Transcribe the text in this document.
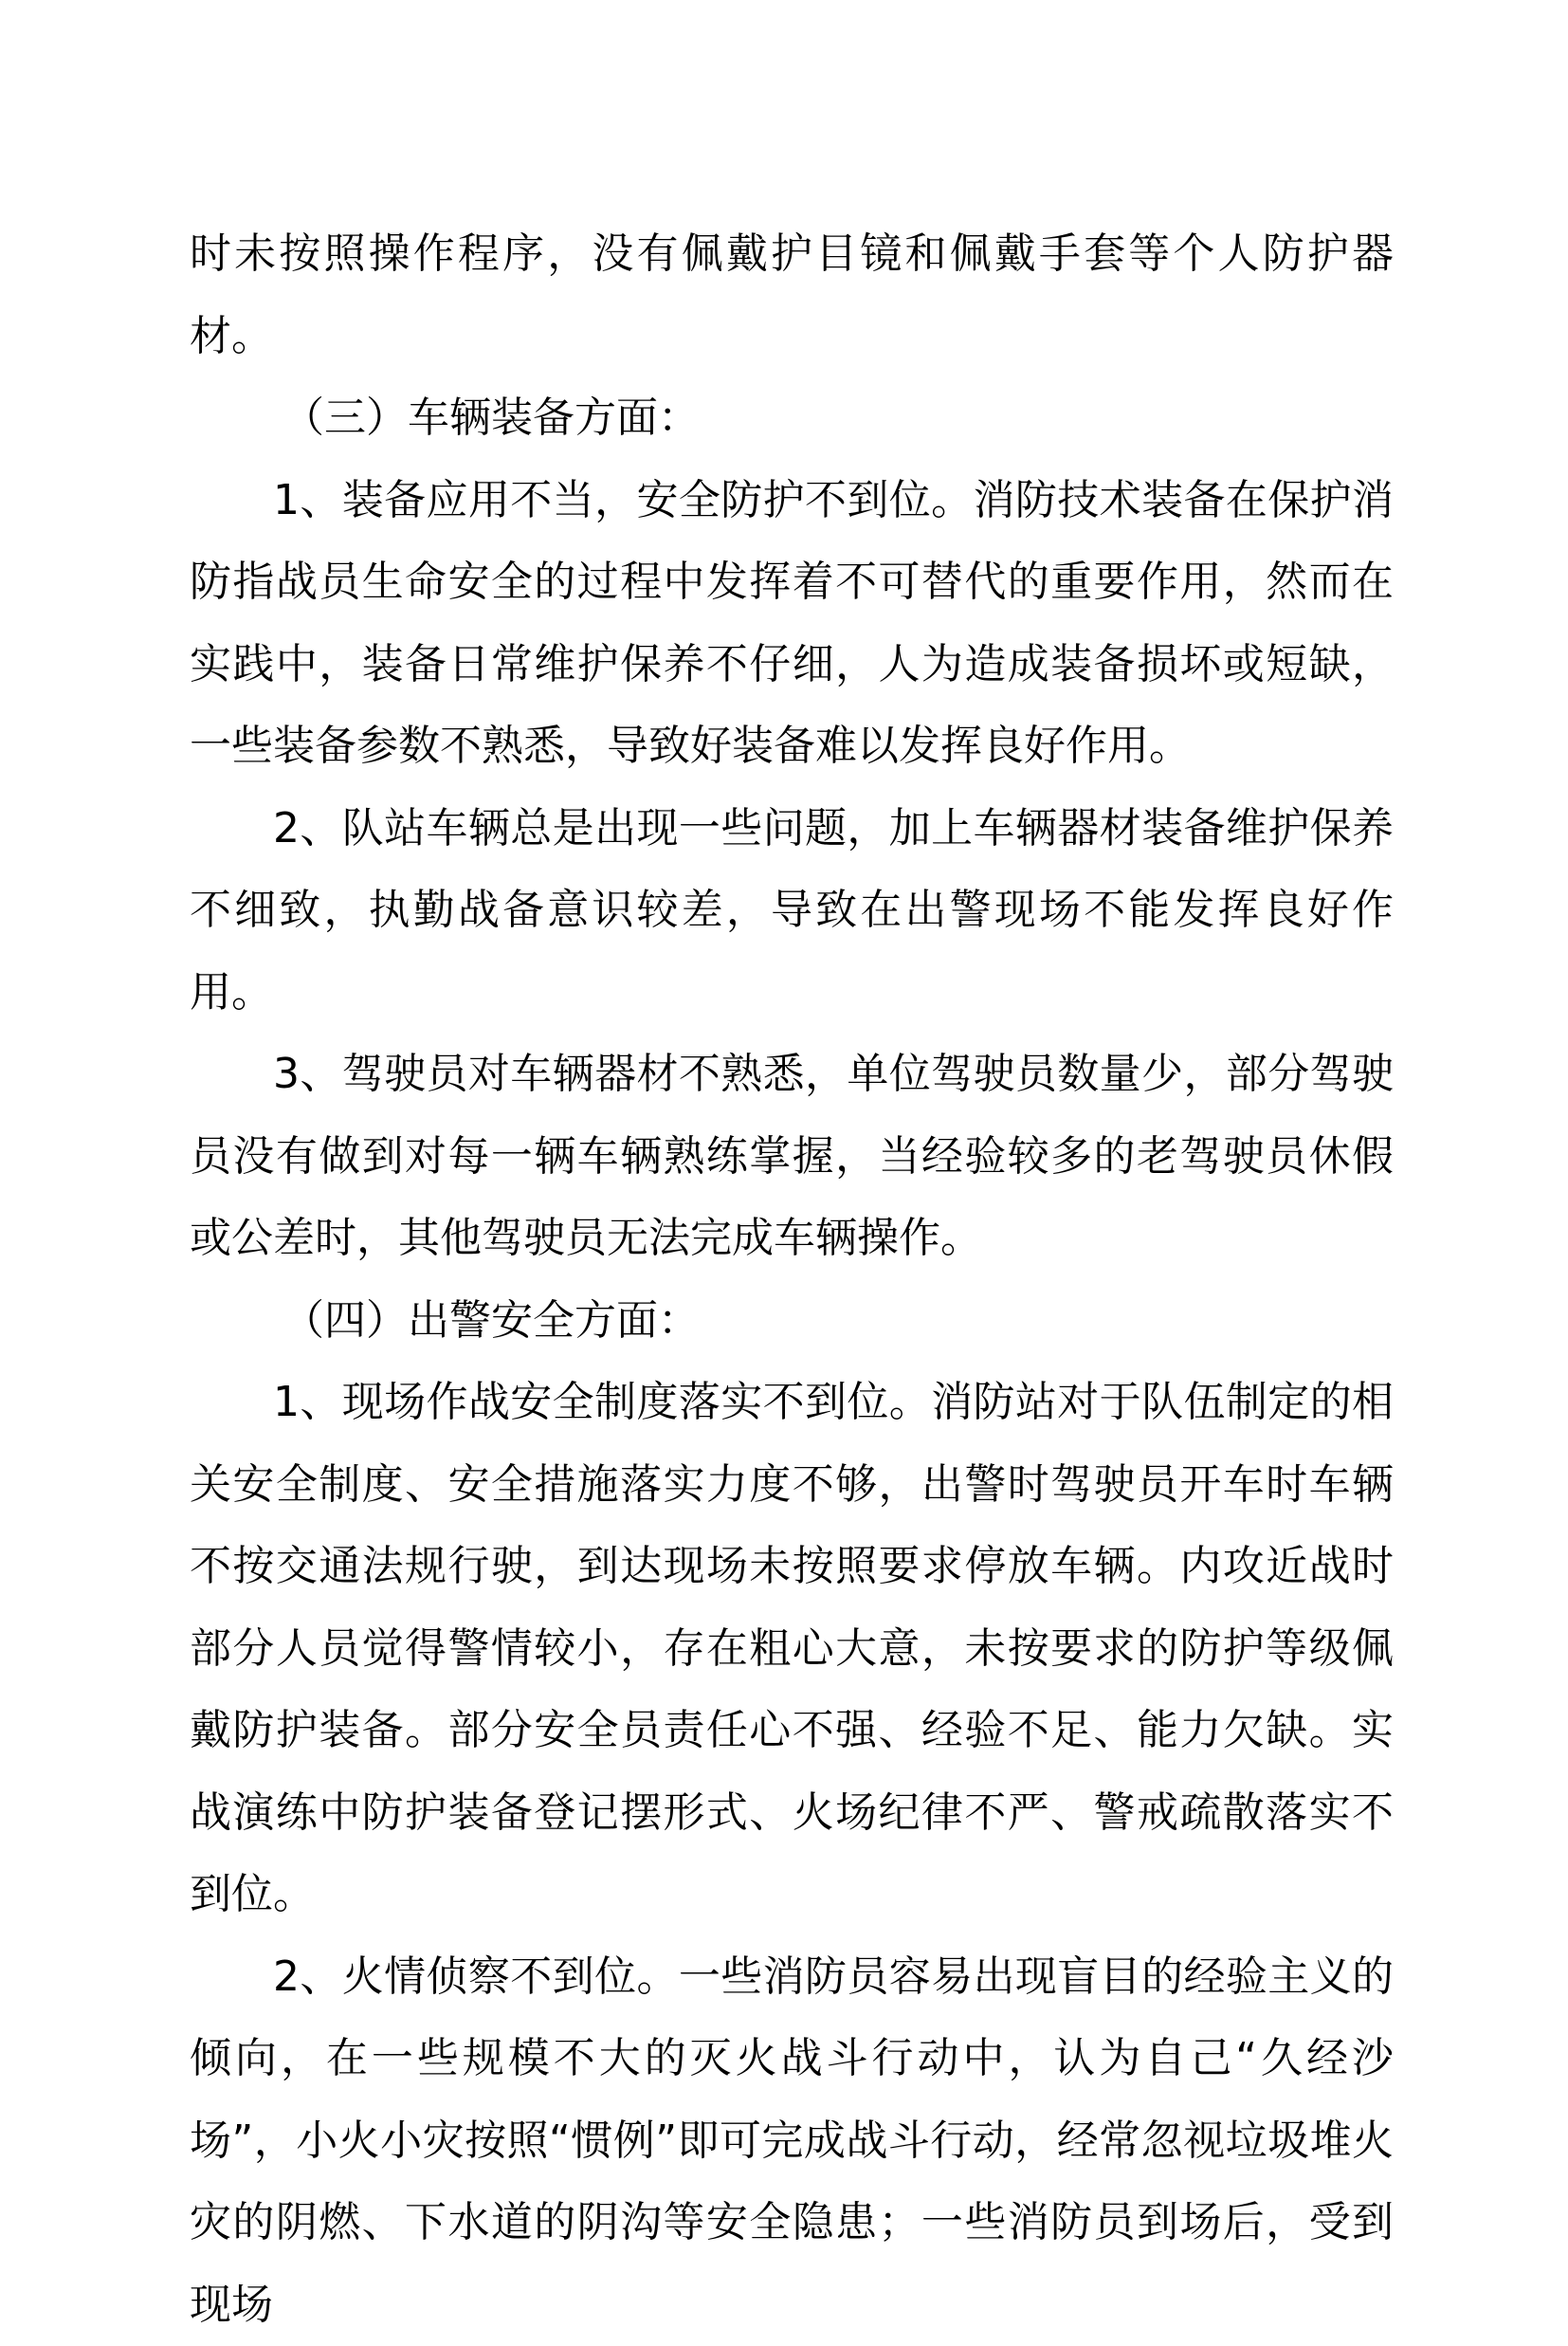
时未按照操作程序，没有佩戴护目镜和佩戴手套等个人防护器材。

（三）车辆装备方面：

1、装备应用不当，安全防护不到位。消防技术装备在保护消防指战员生命安全的过程中发挥着不可替代的重要作用，然而在实践中，装备日常维护保养不仔细，人为造成装备损坏或短缺，一些装备参数不熟悉，导致好装备难以发挥良好作用。

2、队站车辆总是出现一些问题，加上车辆器材装备维护保养不细致，执勤战备意识较差，导致在出警现场不能发挥良好作用。

3、驾驶员对车辆器材不熟悉，单位驾驶员数量少，部分驾驶员没有做到对每一辆车辆熟练掌握，当经验较多的老驾驶员休假或公差时，其他驾驶员无法完成车辆操作。

（四）出警安全方面：

1、现场作战安全制度落实不到位。消防站对于队伍制定的相关安全制度、安全措施落实力度不够，出警时驾驶员开车时车辆不按交通法规行驶，到达现场未按照要求停放车辆。内攻近战时部分人员觉得警情较小，存在粗心大意，未按要求的防护等级佩戴防护装备。部分安全员责任心不强、经验不足、能力欠缺。实战演练中防护装备登记摆形式、火场纪律不严、警戒疏散落实不到位。

2、火情侦察不到位。一些消防员容易出现盲目的经验主义的倾向，在一些规模不大的灭火战斗行动中，认为自己“久经沙场”，小火小灾按照“惯例”即可完成战斗行动，经常忽视垃圾堆火灾的阴燃、下水道的阴沟等安全隐患；一些消防员到场后，受到现场
